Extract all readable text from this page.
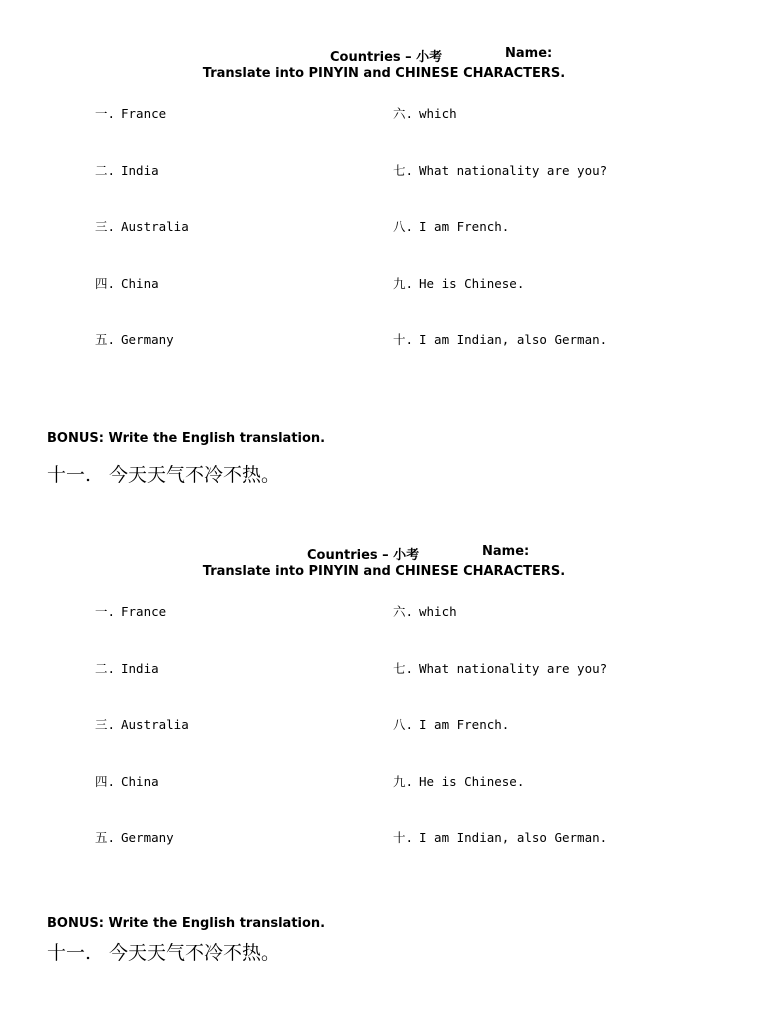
Countries – 小考	Name:
Translate into PINYIN and CHINESE CHARACTERS.
一. France
二. India
三. Australia
四. China
五. Germany
六. which
七. What nationality are you?
八. I am French.
九. He is Chinese.
十. I am Indian, also German.
BONUS: Write the English translation.
十一. 今天天气不冷不热。
Countries – 小考	Name:
Translate into PINYIN and CHINESE CHARACTERS.
一. France
二. India
三. Australia
四. China
五. Germany
六. which
七. What nationality are you?
八. I am French.
九. He is Chinese.
十. I am Indian, also German.
BONUS: Write the English translation.
十一. 今天天气不冷不热。
